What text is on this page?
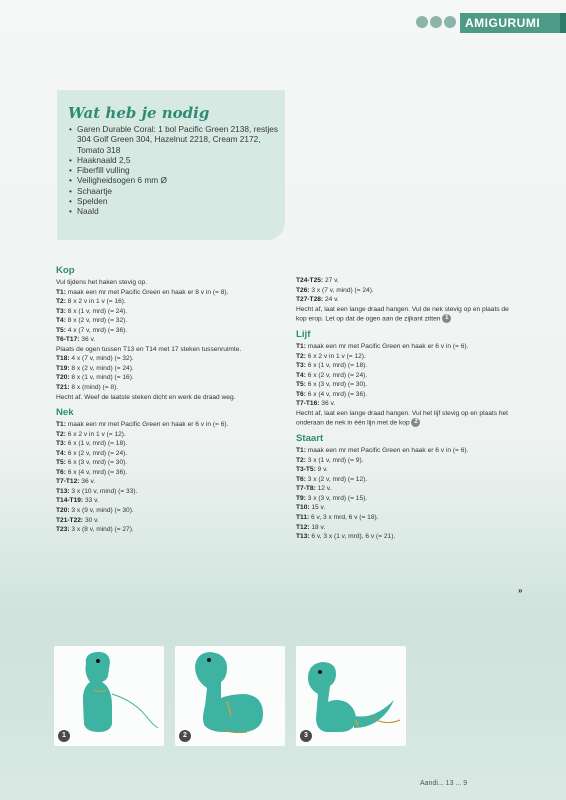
AMIGURUMI
Wat heb je nodig
• Garen Durable Coral: 1 bol Pacific Green 2138, restjes 304 Golf Green 304, Hazelnut 2218, Cream 2172, Tomato 318
• Haaknaald 2,5
• Fiberfill vulling
• Veiligheidsogen 6 mm Ø
• Schaartje
• Spelden
• Naald
Kop

Vul tijdens het haken stevig op.

T1: maak een mr met Pacific Green en haak er 8 v in (= 8).

T2: 8 x 2 v in 1 v (= 16).

T3: 8 x (1 v, mrd) (= 24).

T4: 8 x (2 v, mrd) (= 32).

T5: 4 x (7 v, mrd) (= 36).

T6-T17: 36 v.

Plaats de ogen tussen T13 en T14 met 17 steken tussenruimte.

T18: 4 x (7 v, mind) (= 32).

T19: 8 x (2 v, mind) (= 24).

T20: 8 x (1 v, mind) (= 16).

T21: 8 x (mind) (= 8).

Hecht af. Weef de laatste steken dicht en werk de draad weg.

Nek

T1: maak een mr met Pacific Green en haak er 6 v in (= 6).

T2: 6 x 2 v in 1 v (= 12).

T3: 6 x (1 v, mrd) (= 18).

T4: 6 x (2 v, mrd) (= 24).

T5: 6 x (3 v, mrd) (= 30).

T6: 6 x (4 v, mrd) (= 36).

T7-T12: 36 v.

T13: 3 x (10 v, mind) (= 33).

T14-T19: 33 v.

T20: 3 x (9 v, mind) (= 30).

T21-T22: 30 v.

T23: 3 x (8 v, mind) (= 27).

T24-T25: 27 v.

T26: 3 x (7 v, mind) (= 24).

T27-T28: 24 v.

Hecht af, laat een lange draad hangen. Vul de nek stevig op en plaats de kop erop. Let op dat de ogen aan de zijkant zitten 1

Lijf

T1: maak een mr met Pacific Green en haak er 6 v in (= 6).

T2: 6 x 2 v in 1 v (= 12).

T3: 6 x (1 v, mrd) (= 18).

T4: 6 x (2 v, mrd) (= 24).

T5: 6 x (3 v, mrd) (= 30).

T6: 6 x (4 v, mrd) (= 36).

T7-T16: 36 v.

Hecht af, laat een lange draad hangen. Vul het lijf stevig op en plaats het onderaan de nek in één lijn met de kop 2

Staart

T1: maak een mr met Pacific Green en haak er 6 v in (= 6).

T2: 3 x (1 v, mrd) (= 9).

T3-T5: 9 v.

T6: 3 x (2 v, mrd) (= 12).

T7-T8: 12 v.

T9: 3 x (3 v, mrd) (= 15).

T10: 15 v.

T11: 6 v, 3 x mrd, 6 v (= 18).

T12: 18 v.

T13: 6 v, 3 x (1 v, mrd), 6 v (= 21).

»
1	2	3
Aandi... 13 ... 9
